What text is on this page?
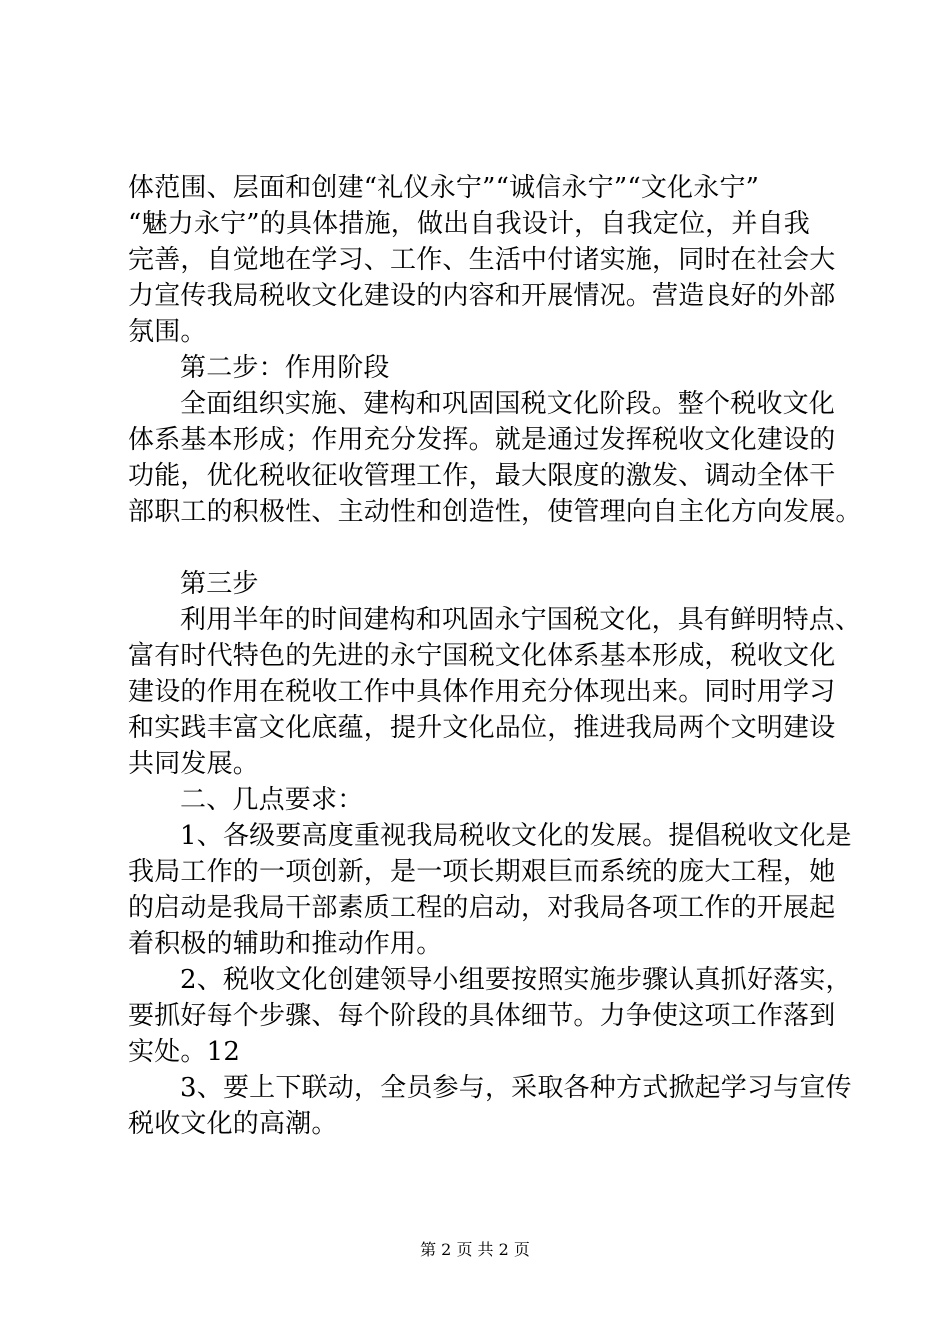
体范围、层面和创建“礼仪永宁”“诚信永宁”“文化永宁”
“魅力永宁”的具体措施，做出自我设计，自我定位，并自我
完善，自觉地在学习、工作、生活中付诸实施，同时在社会大
力宣传我局税收文化建设的内容和开展情况。营造良好的外部
氛围。
第二步：作用阶段
全面组织实施、建构和巩固国税文化阶段。整个税收文化
体系基本形成；作用充分发挥。就是通过发挥税收文化建设的
功能，优化税收征收管理工作，最大限度的激发、调动全体干
部职工的积极性、主动性和创造性，使管理向自主化方向发展。
第三步
利用半年的时间建构和巩固永宁国税文化，具有鲜明特点、
富有时代特色的先进的永宁国税文化体系基本形成，税收文化
建设的作用在税收工作中具体作用充分体现出来。同时用学习
和实践丰富文化底蕴，提升文化品位，推进我局两个文明建设
共同发展。
二、几点要求：
1、各级要高度重视我局税收文化的发展。提倡税收文化是
我局工作的一项创新，是一项长期艰巨而系统的庞大工程，她
的启动是我局干部素质工程的启动，对我局各项工作的开展起
着积极的辅助和推动作用。
2、税收文化创建领导小组要按照实施步骤认真抓好落实，
要抓好每个步骤、每个阶段的具体细节。力争使这项工作落到
实处。12
3、要上下联动，全员参与，采取各种方式掀起学习与宣传
税收文化的高潮。
第 2 页 共 2 页
